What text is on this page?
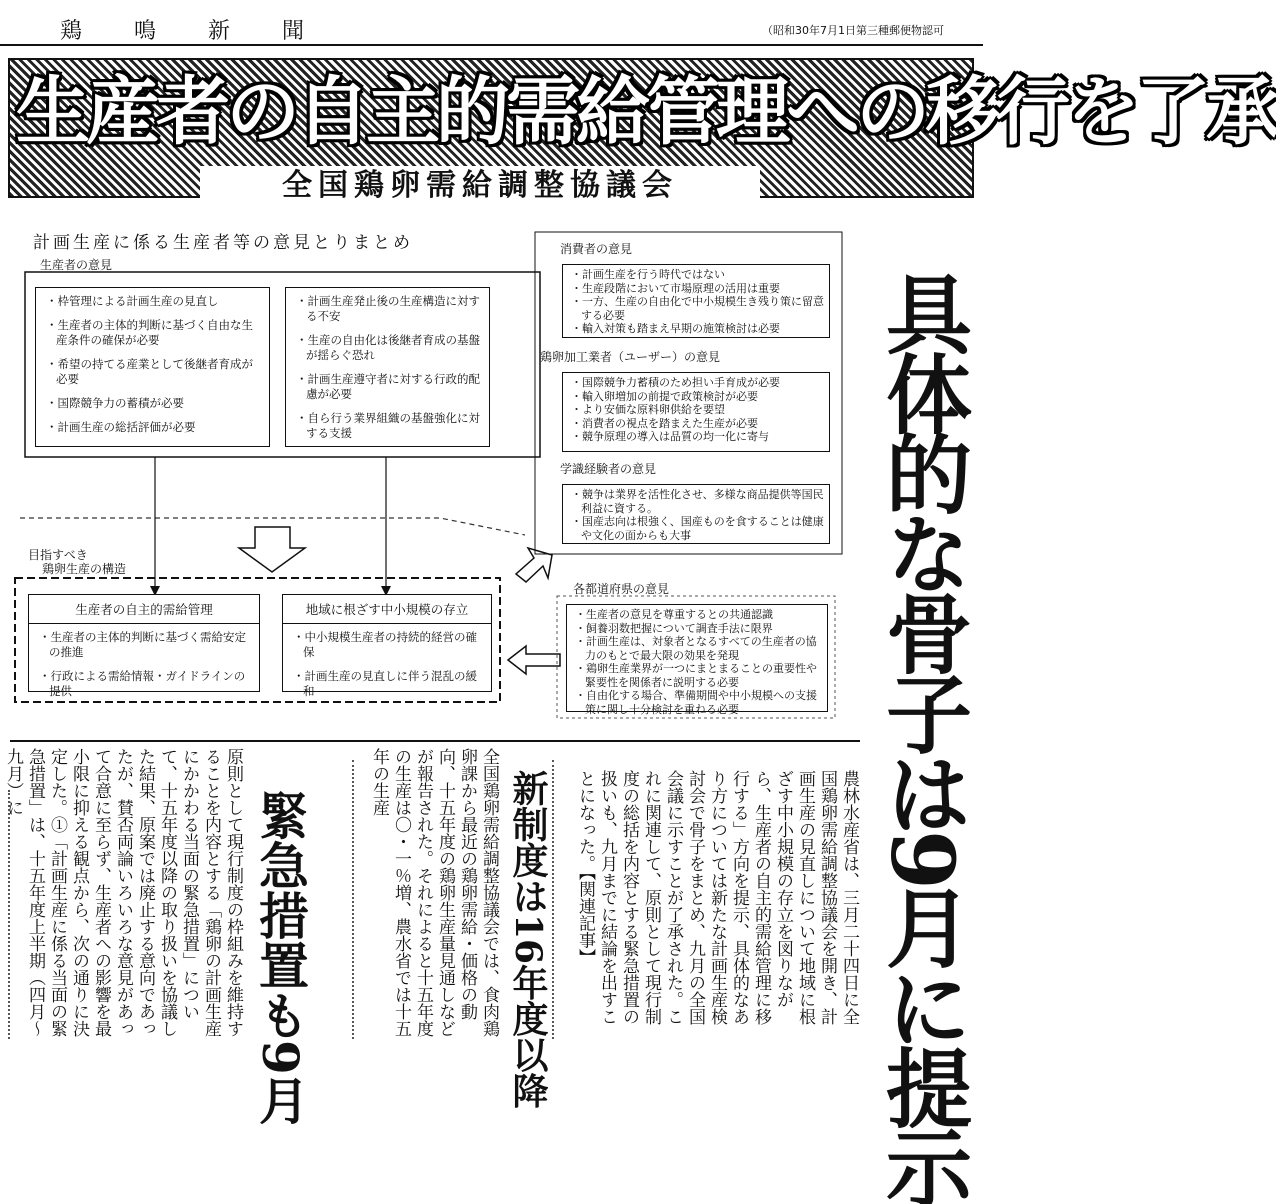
鶏鳴新聞	（昭和30年7月1日第三種郵便物認可
生産者の自主的需給管理への移行を了承
全国鶏卵需給調整協議会
計画生産に係る生産者等の意見とりまとめ
生産者の意見
・枠管理による計画生産の見直し
・生産者の主体的判断に基づく自由な生産条件の確保が必要
・希望の持てる産業として後継者育成が必要
・国際競争力の蓄積が必要
・計画生産の総括評価が必要
・計画生産発止後の生産構造に対する不安
・生産の自由化は後継者育成の基盤が揺らぐ恐れ
・計画生産遵守者に対する行政的配慮が必要
・自ら行う業界組織の基盤強化に対する支援
消費者の意見
・計画生産を行う時代ではない
・生産段階において市場原理の活用は重要
・一方、生産の自由化で中小規模生き残り策に留意する必要
・輸入対策も踏まえ早期の施策検討は必要
鶏卵加工業者（ユーザー）の意見
・国際競争力蓄積のため担い手育成が必要
・輸入卵増加の前提で政策検討が必要
・より安価な原料卵供給を要望
・消費者の視点を踏まえた生産が必要
・競争原理の導入は品質の均一化に寄与
学識経験者の意見
・競争は業界を活性化させ、多様な商品提供等国民利益に資する。
・国産志向は根強く、国産ものを食することは健康や文化の面からも大事
各都道府県の意見
・生産者の意見を尊重するとの共通認識
・飼養羽数把握について調査手法に限界
・計画生産は、対象者となるすべての生産者の協力のもとで最大限の効果を発現
・鶏卵生産業界が一つにまとまることの重要性や緊要性を関係者に説明する必要
・自由化する場合、準備期間や中小規模への支援策に関し十分検討を重ねる必要
目指すべき
鶏卵生産の構造
生産者の自主的需給管理
・生産者の主体的判断に基づく需給安定の推進
・行政による需給情報・ガイドラインの提供
地域に根ざす中小規模の存立
・中小規模生産者の持続的経営の確保
・計画生産の見直しに伴う混乱の緩和	具体的な骨子は9月に提示
農林水産省は、三月二十四日に全国鶏卵需給調整協議会を開き、計画生産の見直しについて地域に根ざす中小規模の存立を図りながら、生産者の自主的需給管理に移行する」方向を提示、具体的なあり方については新たな計画生産検討会で骨子をまとめ、九月の全国会議に示すことが了承された。これに関連して、原則として現行制度の総括を内容とする緊急措置の扱いも、九月までに結論を出すことになった。【関連記事】
新制度は16年度以降
全国鶏卵需給調整協議会では、食肉鶏卵課から最近の鶏卵需給・価格の動向、十五年度の鶏卵生産量見通しなどが報告された。それによると十五年度の生産は〇・一％増、農水省では十五年の生産
緊急措置も9月
原則として現行制度の枠組みを維持することを内容とする「鶏卵の計画生産にかかわる当面の緊急措置」について、十五年度以降の取り扱いを協議した結果、原案では廃止する意向であったが、賛否両論いろいろな意見があって合意に至らず、生産者への影響を最小限に抑える観点から、次の通りに決定した。①「計画生産に係る当面の緊急措置」は、十五年度上半期（四月〜九月）に
